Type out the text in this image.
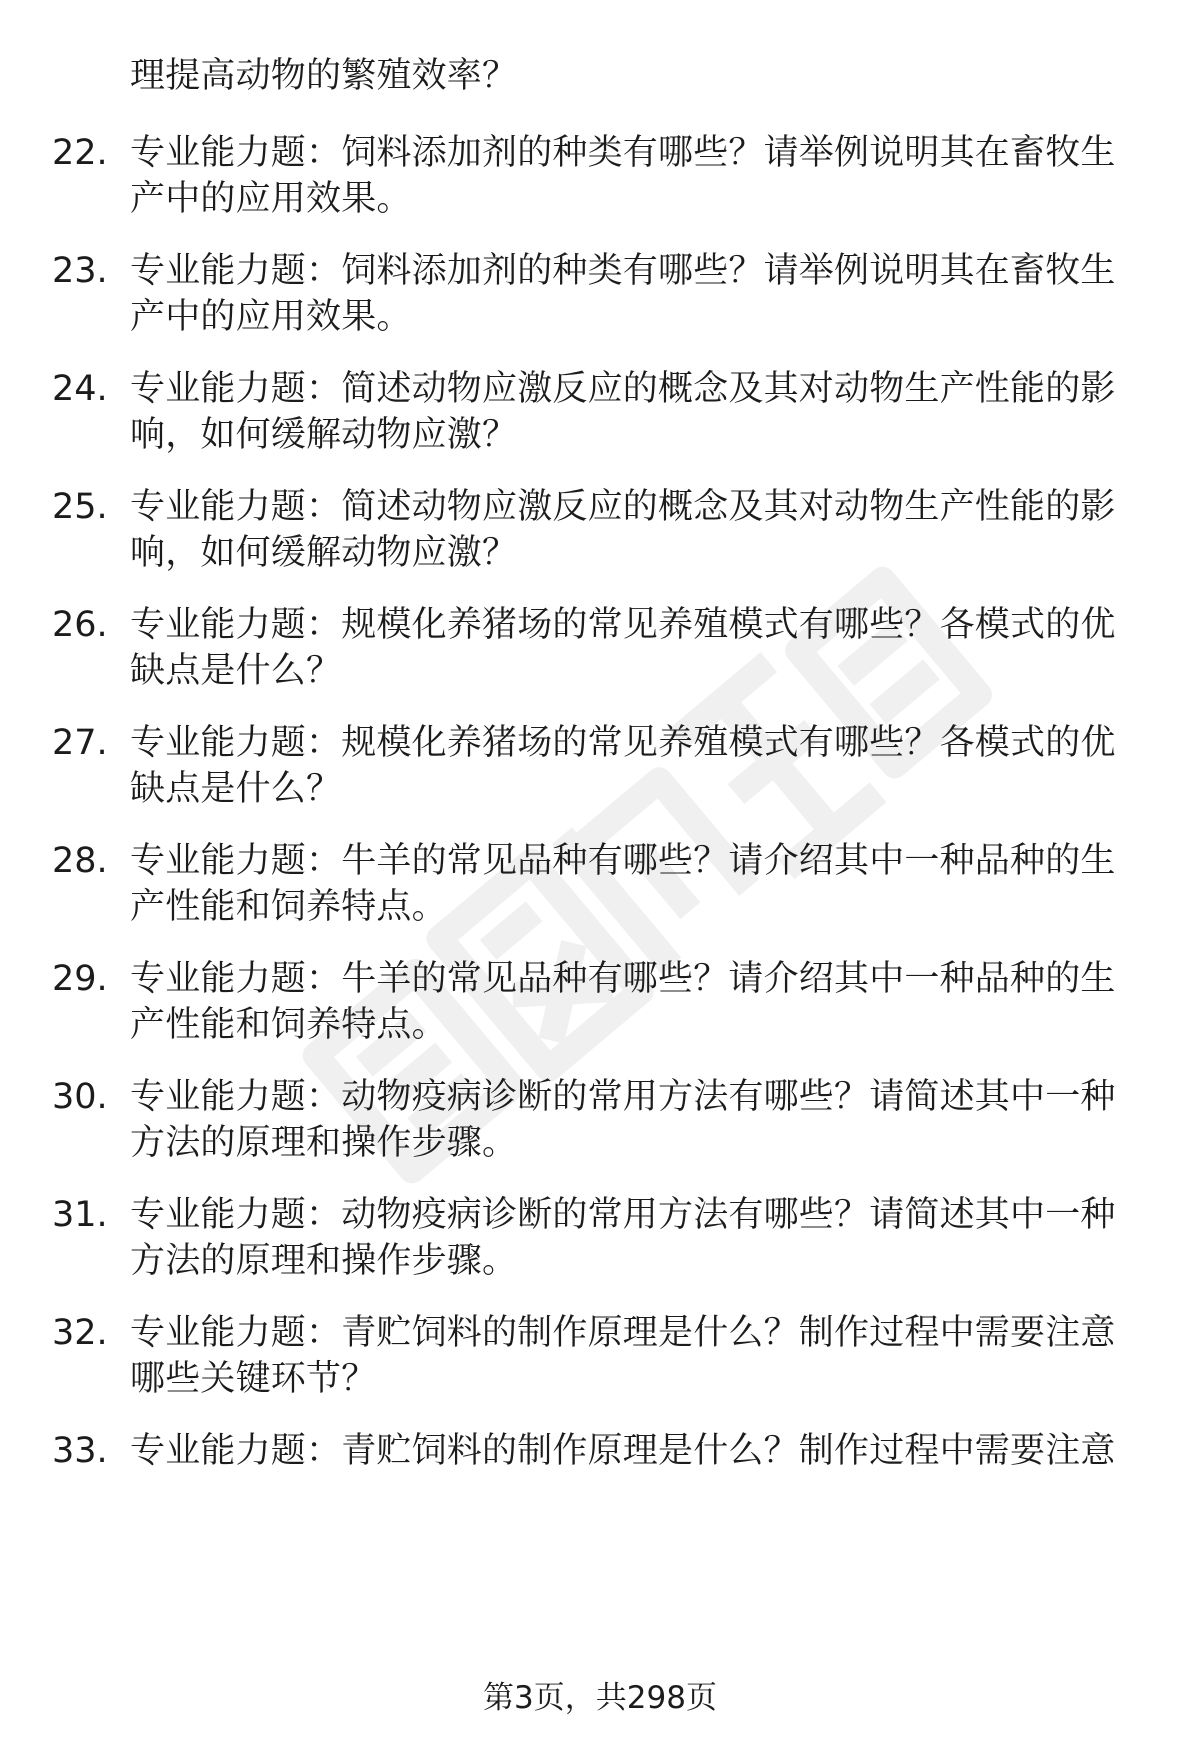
理提高动物的繁殖效率？
22. 专业能力题：饲料添加剂的种类有哪些？请举例说明其在畜牧生
产中的应用效果。
23. 专业能力题：饲料添加剂的种类有哪些？请举例说明其在畜牧生
产中的应用效果。
24. 专业能力题：简述动物应激反应的概念及其对动物生产性能的影
响，如何缓解动物应激？
25. 专业能力题：简述动物应激反应的概念及其对动物生产性能的影
响，如何缓解动物应激？
26. 专业能力题：规模化养猪场的常见养殖模式有哪些？各模式的优
缺点是什么？
27. 专业能力题：规模化养猪场的常见养殖模式有哪些？各模式的优
缺点是什么？
28. 专业能力题：牛羊的常见品种有哪些？请介绍其中一种品种的生
产性能和饲养特点。
29. 专业能力题：牛羊的常见品种有哪些？请介绍其中一种品种的生
产性能和饲养特点。
30. 专业能力题：动物疫病诊断的常用方法有哪些？请简述其中一种
方法的原理和操作步骤。
31. 专业能力题：动物疫病诊断的常用方法有哪些？请简述其中一种
方法的原理和操作步骤。
32. 专业能力题：青贮饲料的制作原理是什么？制作过程中需要注意
哪些关键环节？
33. 专业能力题：青贮饲料的制作原理是什么？制作过程中需要注意
第3页，共298页
